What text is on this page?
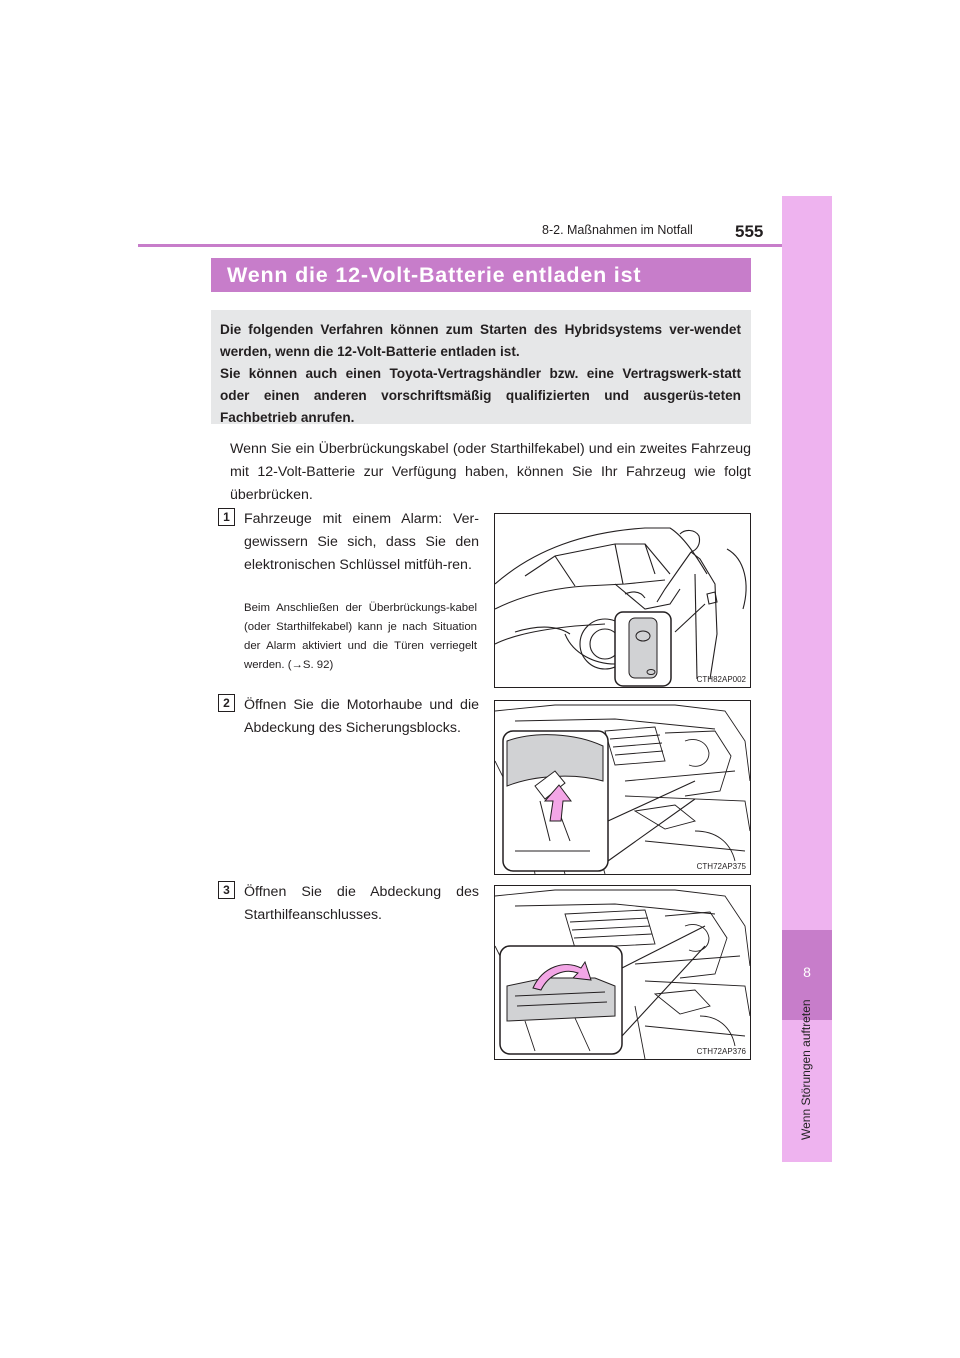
8-2. Maßnahmen im Notfall 555
8
Wenn Störungen auftreten
Wenn die 12-Volt-Batterie entladen ist
Die folgenden Verfahren können zum Starten des Hybridsystems ver-wendet werden, wenn die 12-Volt-Batterie entladen ist.
Sie können auch einen Toyota-Vertragshändler bzw. eine Vertragswerk-statt oder einen anderen vorschriftsmäßig qualifizierten und ausgerüs-teten Fachbetrieb anrufen.
Wenn Sie ein Überbrückungskabel (oder Starthilfekabel) und ein zweites Fahrzeug mit 12-Volt-Batterie zur Verfügung haben, können Sie Ihr Fahrzeug wie folgt überbrücken.
1 Fahrzeuge mit einem Alarm: Ver-gewissern Sie sich, dass Sie den elektronischen Schlüssel mitfüh-ren.
Beim Anschließen der Überbrückungs-kabel (oder Starthilfekabel) kann je nach Situation der Alarm aktiviert und die Türen verriegelt werden. (→S. 92)
CTH82AP002
2 Öffnen Sie die Motorhaube und die Abdeckung des Sicherungsblocks.
CTH72AP375
3 Öffnen Sie die Abdeckung des Starthilfeanschlusses.
CTH72AP376
